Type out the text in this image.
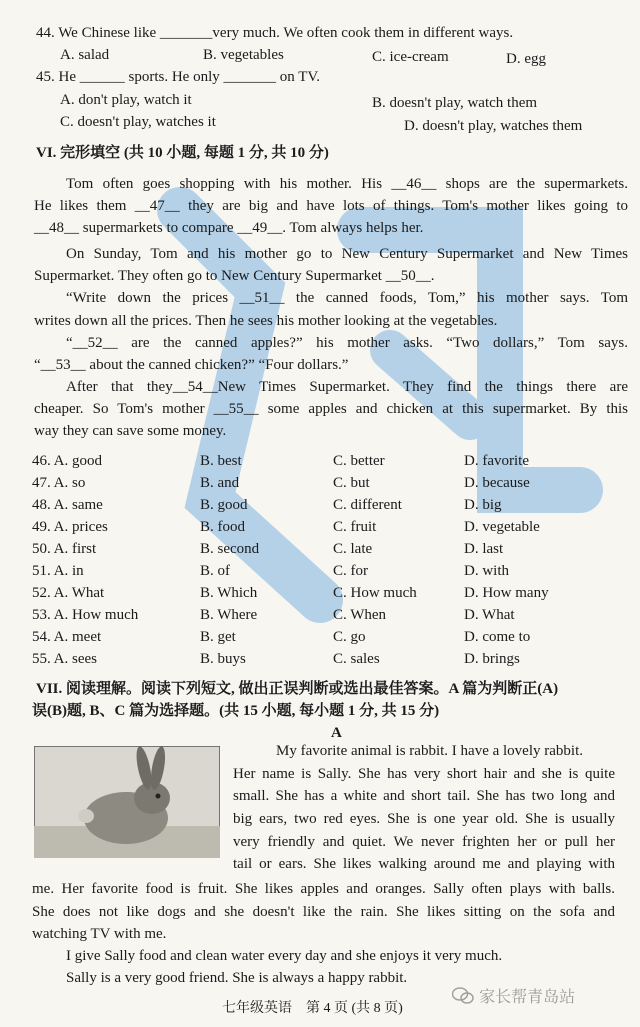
44. We Chinese like _______very much. We often cook them in different ways.
A. salad	B. vegetables	C. ice-cream	D. egg
45. He ______ sports. He only _______ on TV.
A. don't play, watch it	B. doesn't play, watch them
C. doesn't play, watches it	D. doesn't play, watches them
VI. 完形填空 (共 10 小题, 每题 1 分, 共 10 分)
Tom often goes shopping with his mother. His __46__ shops are the supermarkets.
He likes them __47__ they are big and have lots of things. Tom's mother likes going to
__48__ supermarkets to compare __49__. Tom always helps her.
On Sunday, Tom and his mother go to New Century Supermarket and New Times
Supermarket. They often go to New Century Supermarket __50__.
“Write down the prices __51__ the canned foods, Tom,” his mother says. Tom
writes down all the prices. Then he sees his mother looking at the vegetables.
“__52__ are the canned apples?” his mother asks. “Two dollars,” Tom says.
“__53__ about the canned chicken?” “Four dollars.”
After that they__54__New Times Supermarket. They find the things there are
cheaper. So Tom's mother __55__ some apples and chicken at this supermarket. By this
way they can save some money.
46. A. good	B. best	C. better	D. favorite
47. A. so	B. and	C. but	D. because
48. A. same	B. good	C. different	D. big
49. A. prices	B. food	C. fruit	D. vegetable
50. A. first	B. second	C. late	D. last
51. A. in	B. of	C. for	D. with
52. A. What	B. Which	C. How much	D. How many
53. A. How much	B. Where	C. When	D. What
54. A. meet	B. get	C. go	D. come to
55. A. sees	B. buys	C. sales	D. brings
VII. 阅读理解。阅读下列短文, 做出正误判断或选出最佳答案。A 篇为判断正(A)
误(B)题, B、C 篇为选择题。(共 15 小题, 每小题 1 分, 共 15 分)
A
My favorite animal is rabbit. I have a lovely rabbit.
Her name is Sally. She has very short hair and she is quite
small. She has a white and short tail. She has two long and
big ears, two red eyes. She is one year old. She is usually
very friendly and quiet. We never frighten her or pull her
tail or ears. She likes walking around me and playing with
me. Her favorite food is fruit. She likes apples and oranges. Sally often plays with balls.
She does not like dogs and she doesn't like the rain. She likes sitting on the sofa and
watching TV with me.
I give Sally food and clean water every day and she enjoys it very much.
Sally is a very good friend. She is always a happy rabbit.
七年级英语　第 4 页 (共 8 页)
家长帮青岛站
